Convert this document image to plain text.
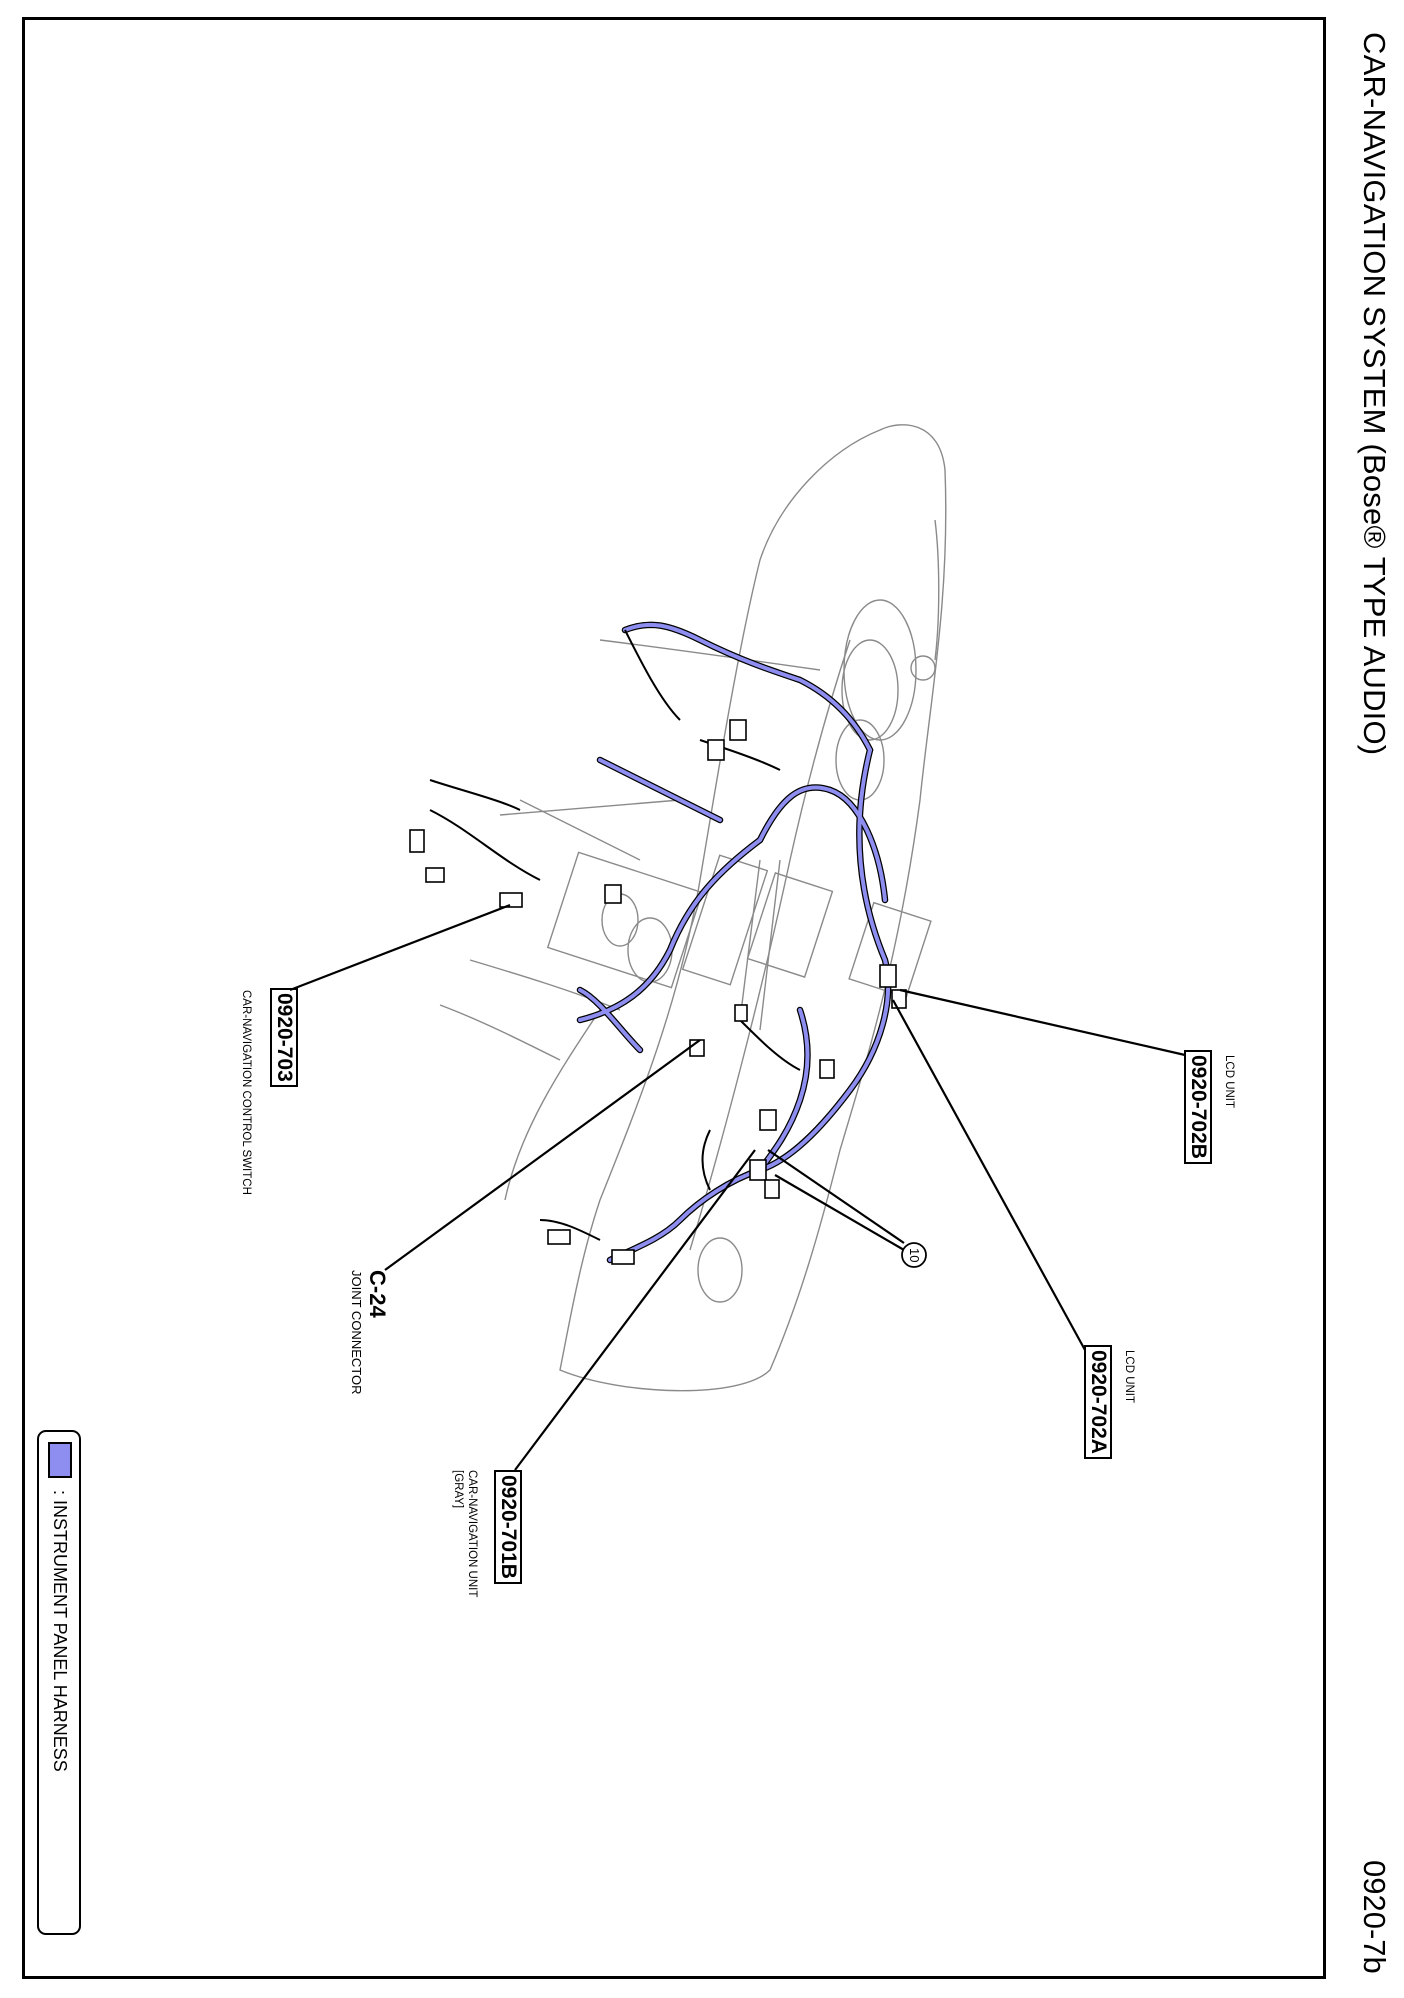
CAR-NAVIGATION SYSTEM (Bose® TYPE AUDIO)
0920-7b
10
0920-703
CAR-NAVIGATION CONTROL SWITCH
C-24
JOINT CONNECTOR
0920-701B
CAR-NAVIGATION UNIT
[GRAY]
0920-702A LCD UNIT
0920-702B LCD UNIT
: INSTRUMENT PANEL HARNESS
